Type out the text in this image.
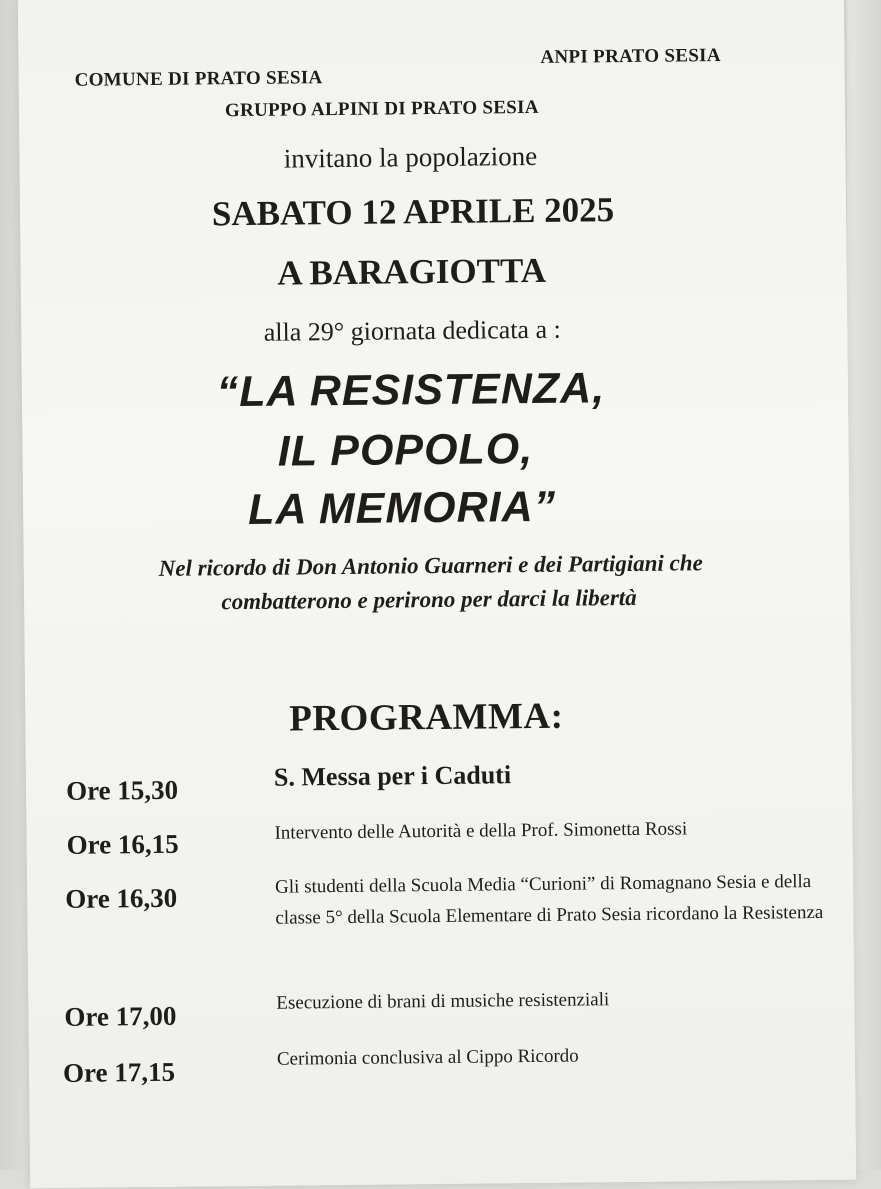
COMUNE DI PRATO SESIA
ANPI PRATO SESIA
GRUPPO ALPINI DI PRATO SESIA
invitano la popolazione
SABATO 12 APRILE 2025
A BARAGIOTTA
alla 29° giornata dedicata a :
“LA RESISTENZA,
IL POPOLO,
LA MEMORIA”
Nel ricordo di Don Antonio Guarneri e dei Partigiani che
combatterono e perirono per darci la libertà
PROGRAMMA:
Ore 15,30	S. Messa per i Caduti
Ore 16,15	Intervento delle Autorità e della Prof. Simonetta Rossi
Ore 16,30	Gli studenti della Scuola Media “Curioni” di Romagnano Sesia e della classe 5° della Scuola Elementare di Prato Sesia ricordano la Resistenza
Ore 17,00	Esecuzione di brani di musiche resistenziali
Ore 17,15	Cerimonia conclusiva al Cippo Ricordo
